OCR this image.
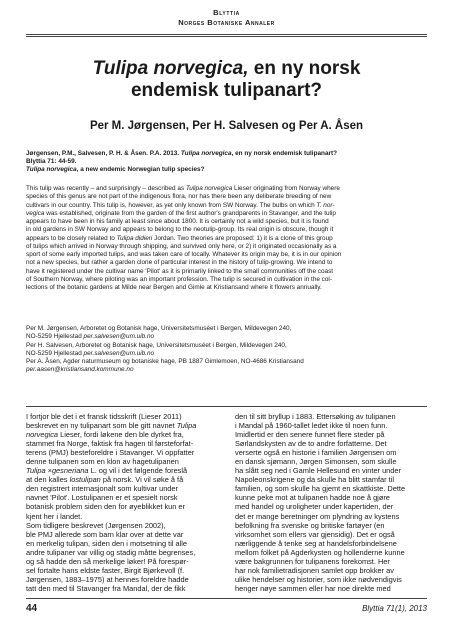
Blyttia
Norges Botaniske Annaler
Tulipa norvegica, en ny norsk
endemisk tulipanart?
Per M. Jørgensen, Per H. Salvesen og Per A. Åsen
Jørgensen, P.M., Salvesen, P. H. & Åsen. P.A. 2013. Tulipa norvegica, en ny norsk endemisk tulipanart?
Blyttia 71: 44-59.
Tulipa norvegica, a new endemic Norwegian tulip species?
This tulip was recently – and surprisingly – described as Tulipa norvegica Lieser originating from Norway where
species of this genus are not part of the indigenous flora, nor has there been any deliberate breeding of new
cultivars in our country. This tulip is, however, as yet only known from SW Norway. The bulbs on which T. nor-
vegica was established, originate from the garden of the first author's grandparents in Stavanger, and the tulip
appears to have been in his family at least since about 1800. It is certainly not a wild species, but it is found
in old gardens in SW Norway and appears to belong to the neotulip-group. Its real origin is obscure, though it
appears to be closely related to Tulipa didieri Jordan. Two theories are proposed: 1) it is a clone of this group
of tulips which arrived in Norway through shipping, and survived only here, or 2) it originated occasionally as a
sport of some early imported tulips, and was taken care of locally. Whatever its origin may be, it is in our opinion
not a new species, but rather a garden clone of particular interest in the history of tulip-growing. We intend to
have it registered under the cultivar name 'Pilot' as it is primarily linked to the small communities off the coast
of Southern Norway, where piloting was an important profession. The tulip is secured in cultivation in the col-
lections of the botanic gardens at Milde near Bergen and Gimle at Kristiansand where it flowers annually.
Per M. Jørgensen, Arboretet og Botanisk hage, Universitetsmuséet i Bergen, Mildevegen 240,
NO-5259 Hjellestad per.salvesen@um.uib.no
Per H. Salvesen, Arboretet og Botanisk hage, Universitetsmuséet i Bergen, Mildevegen 240,
NO-5259 Hjellestad per.salvesen@um.uib.no
Per A. Åsen, Agder naturmuseum og botaniske hage, PB 1887 Gimlemoen, NO-4686 Kristiansand
per.aasen@kristiansand.kommune.no
I fortjor ble det i et fransk tidsskrift (Lieser 2011)
beskrevet en ny tulipanart som ble gitt navnet Tulipa
norvegica Lieser, fordi løkene den ble dyrket fra,
stammet fra Norge, faktisk fra hagen til førsteforfat-
terens (PMJ) besteforeldre i Stavanger. Vi oppfatter
denne tulipanen som en klon av hagetulipanen
Tulipa ×gesneriana L. og vil i det følgende foreslå
at den kalles lostulipan på norsk. Vi vil søke å få
den registrert internasjonalt som kultivar under
navnet 'Pilot'. Lostulipanen er et spesielt norsk
botanisk problem siden den for øyeblikket kun er
kjent her i landet.
Som tidligere beskrevet (Jørgensen 2002),
ble PMJ allerede som barn klar over at dette var
en merkelig tulipan, siden den i motsetning til alle
andre tulipaner var villig og stadig måtte begrenses,
og så hadde den så merkelige løker! På forespør-
sel fortalte hans eldste faster, Birgit Bjørkevoll (f.
Jørgensen, 1883–1975) at hennes foreldre hadde
tatt den med til Stavanger fra Mandal, der de fikk
den til sitt bryllup i 1883. Ettersøking av tulipanen
i Mandal på 1960-tallet ledet ikke til noen funn.
Imidlertid er den senere funnet flere steder på
Sørlandskysten av de to andre forfatterne. Det
verserte også en historie i familien Jørgensen om
en dansk sjømann, Jørgen Simonsen, som skulle
ha slått seg ned i Gamle Hellesund en vinter under
Napoleonskrigene og da skulle ha blitt stamfar til
familien, og som skulle ha gjemt en skattkiste. Dette
kunne peke mot at tulipanen hadde noe å gjøre
med handel og uroligheter under kapertiden, der
det er mange beretninger om plyndring av kystens
befolkning fra svenske og britiske fartøyer (en
virksomhet som ellers var gjensidig). Det er også
nærliggende å tenke seg at handelsforbindelsene
mellom folket på Agderkysten og hollenderne kunne
være bakgrunnen for tulipanens forekomst. Her
har nok familietradisjonen samlet opp brokker av
ulike hendelser og historier, som ikke nødvendigvis
henger nøye sammen eller har noe direkte med
44	Blyttia 71(1), 2013
